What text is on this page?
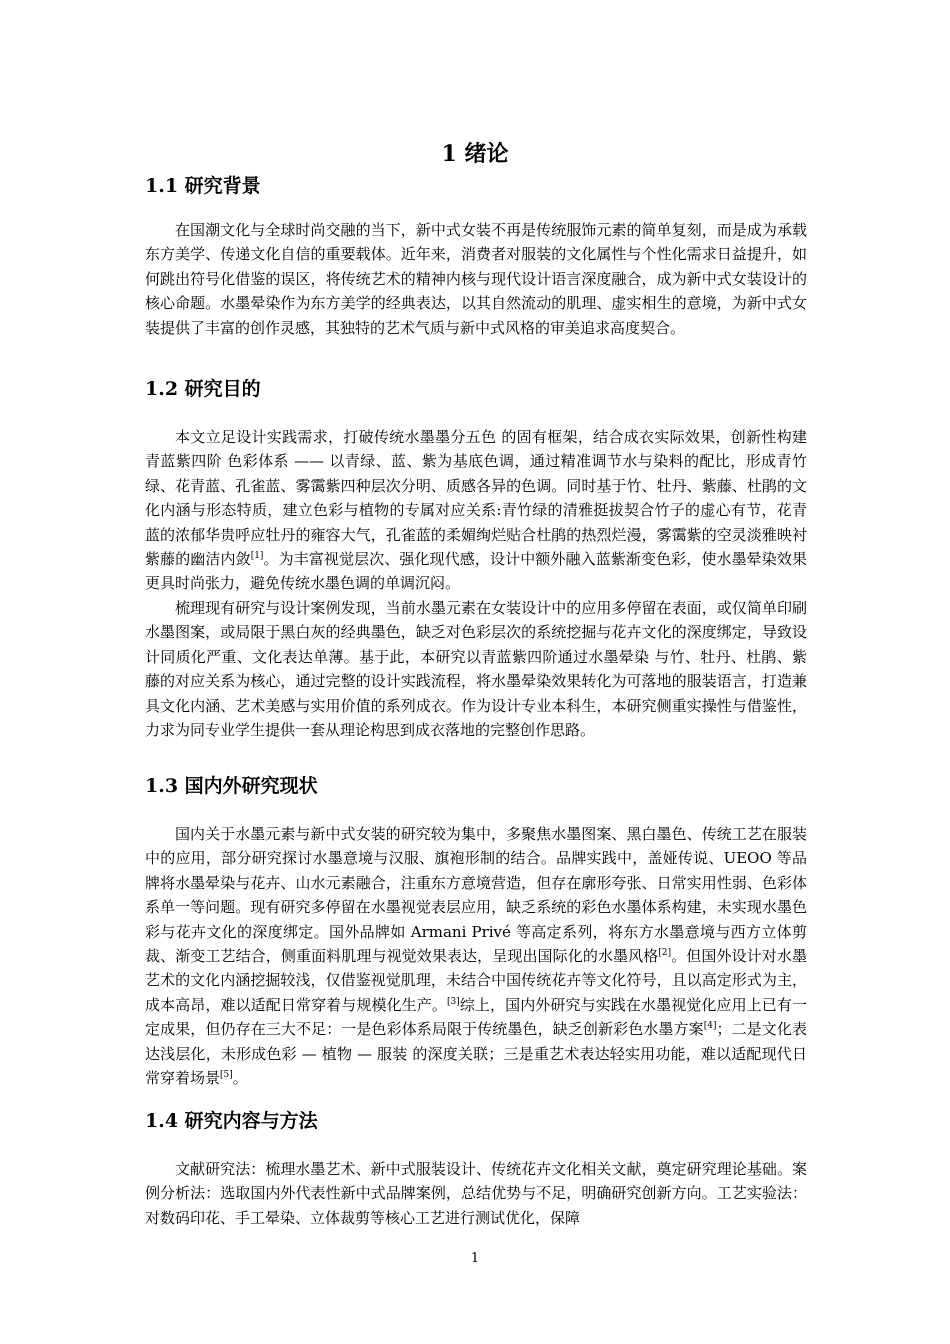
1 绪论
1.1 研究背景

在国潮文化与全球时尚交融的当下，新中式女装不再是传统服饰元素的简单复刻，而是成为承载东方美学、传递文化自信的重要载体。近年来，消费者对服装的文化属性与个性化需求日益提升，如何跳出符号化借鉴的误区，将传统艺术的精神内核与现代设计语言深度融合，成为新中式女装设计的核心命题。水墨晕染作为东方美学的经典表达，以其自然流动的肌理、虚实相生的意境，为新中式女装提供了丰富的创作灵感，其独特的艺术气质与新中式风格的审美追求高度契合。

1.2 研究目的

本文立足设计实践需求，打破传统水墨墨分五色 的固有框架，结合成衣实际效果，创新性构建青蓝紫四阶 色彩体系 —— 以青绿、蓝、紫为基底色调，通过精准调节水与染料的配比，形成青竹绿、花青蓝、孔雀蓝、雾霭紫四种层次分明、质感各异的色调。同时基于竹、牡丹、紫藤、杜鹃的文化内涵与形态特质，建立色彩与植物的专属对应关系:青竹绿的清雅挺拔契合竹子的虚心有节，花青蓝的浓郁华贵呼应牡丹的雍容大气，孔雀蓝的柔媚绚烂贴合杜鹃的热烈烂漫，雾霭紫的空灵淡雅映衬紫藤的幽洁内敛[1]。为丰富视觉层次、强化现代感，设计中额外融入蓝紫渐变色彩，使水墨晕染效果更具时尚张力，避免传统水墨色调的单调沉闷。

梳理现有研究与设计案例发现，当前水墨元素在女装设计中的应用多停留在表面，或仅简单印刷水墨图案，或局限于黑白灰的经典墨色，缺乏对色彩层次的系统挖掘与花卉文化的深度绑定，导致设计同质化严重、文化表达单薄。基于此，本研究以青蓝紫四阶通过水墨晕染 与竹、牡丹、杜鹃、紫藤的对应关系为核心，通过完整的设计实践流程，将水墨晕染效果转化为可落地的服装语言，打造兼具文化内涵、艺术美感与实用价值的系列成衣。作为设计专业本科生，本研究侧重实操性与借鉴性，力求为同专业学生提供一套从理论构思到成衣落地的完整创作思路。

1.3 国内外研究现状

国内关于水墨元素与新中式女装的研究较为集中，多聚焦水墨图案、黑白墨色、传统工艺在服装中的应用，部分研究探讨水墨意境与汉服、旗袍形制的结合。品牌实践中，盖娅传说、UEOO 等品牌将水墨晕染与花卉、山水元素融合，注重东方意境营造，但存在廓形夸张、日常实用性弱、色彩体系单一等问题。现有研究多停留在水墨视觉表层应用，缺乏系统的彩色水墨体系构建，未实现水墨色彩与花卉文化的深度绑定。国外品牌如 Armani Privé 等高定系列，将东方水墨意境与西方立体剪裁、渐变工艺结合，侧重面料肌理与视觉效果表达，呈现出国际化的水墨风格[2]。但国外设计对水墨艺术的文化内涵挖掘较浅，仅借鉴视觉肌理，未结合中国传统花卉等文化符号，且以高定形式为主，成本高昂，难以适配日常穿着与规模化生产。[3]综上，国内外研究与实践在水墨视觉化应用上已有一定成果，但仍存在三大不足：一是色彩体系局限于传统墨色，缺乏创新彩色水墨方案[4]；二是文化表达浅层化，未形成色彩 — 植物 — 服装 的深度关联；三是重艺术表达轻实用功能，难以适配现代日常穿着场景[5]。

1.4 研究内容与方法

文献研究法：梳理水墨艺术、新中式服装设计、传统花卉文化相关文献，奠定研究理论基础。案例分析法：选取国内外代表性新中式品牌案例，总结优势与不足，明确研究创新方向。工艺实验法：对数码印花、手工晕染、立体裁剪等核心工艺进行测试优化，保障

1
